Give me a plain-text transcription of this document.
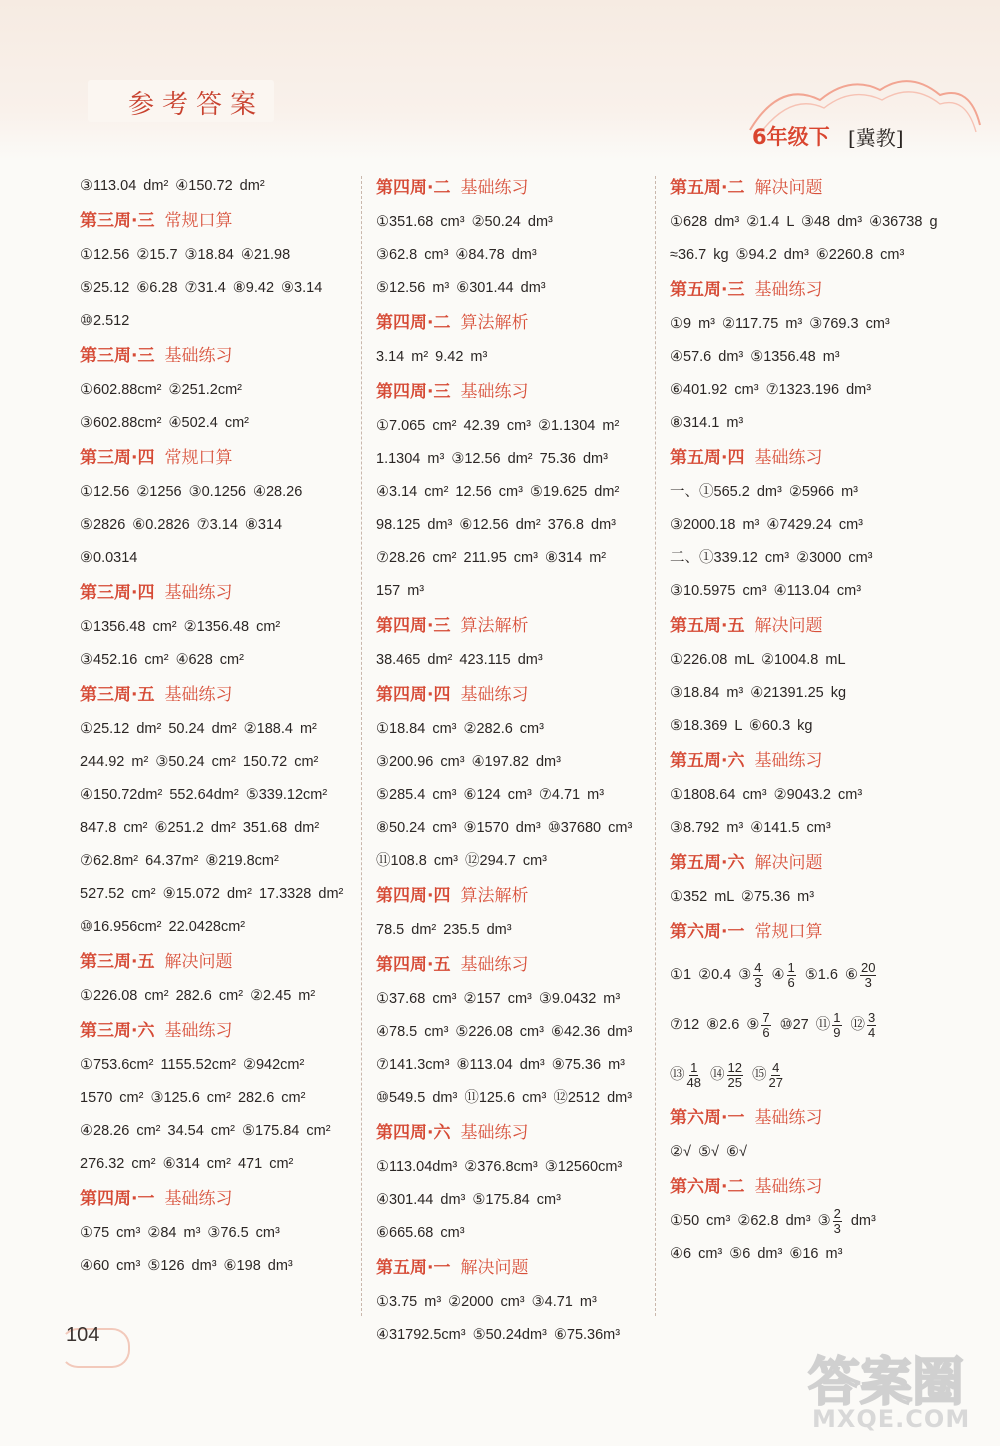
参考答案
6年级下 [冀教]
③113.04 dm² ④150.72 dm²
第三周·三 常规口算
①12.56 ②15.7 ③18.84 ④21.98
⑤25.12 ⑥6.28 ⑦31.4 ⑧9.42 ⑨3.14
⑩2.512
第三周·三 基础练习
①602.88cm² ②251.2cm²
③602.88cm² ④502.4 cm²
第三周·四 常规口算
①12.56 ②1256 ③0.1256 ④28.26
⑤2826 ⑥0.2826 ⑦3.14 ⑧314
⑨0.0314
第三周·四 基础练习
①1356.48 cm² ②1356.48 cm²
③452.16 cm² ④628 cm²
第三周·五 基础练习
①25.12 dm² 50.24 dm² ②188.4 m²
244.92 m² ③50.24 cm² 150.72 cm²
④150.72dm² 552.64dm² ⑤339.12cm²
847.8 cm² ⑥251.2 dm² 351.68 dm²
⑦62.8m² 64.37m² ⑧219.8cm²
527.52 cm² ⑨15.072 dm² 17.3328 dm²
⑩16.956cm² 22.0428cm²
第三周·五 解决问题
①226.08 cm² 282.6 cm² ②2.45 m²
第三周·六 基础练习
①753.6cm² 1155.52cm² ②942cm²
1570 cm² ③125.6 cm² 282.6 cm²
④28.26 cm² 34.54 cm² ⑤175.84 cm²
276.32 cm² ⑥314 cm² 471 cm²
第四周·一 基础练习
①75 cm³ ②84 m³ ③76.5 cm³
④60 cm³ ⑤126 dm³ ⑥198 dm³
第四周·二 基础练习
①351.68 cm³ ②50.24 dm³
③62.8 cm³ ④84.78 dm³
⑤12.56 m³ ⑥301.44 dm³
第四周·二 算法解析
3.14 m² 9.42 m³
第四周·三 基础练习
①7.065 cm² 42.39 cm³ ②1.1304 m²
1.1304 m³ ③12.56 dm² 75.36 dm³
④3.14 cm² 12.56 cm³ ⑤19.625 dm²
98.125 dm³ ⑥12.56 dm² 376.8 dm³
⑦28.26 cm² 211.95 cm³ ⑧314 m²
157 m³
第四周·三 算法解析
38.465 dm² 423.115 dm³
第四周·四 基础练习
①18.84 cm³ ②282.6 cm³
③200.96 cm³ ④197.82 dm³
⑤285.4 cm³ ⑥124 cm³ ⑦4.71 m³
⑧50.24 cm³ ⑨1570 dm³ ⑩37680 cm³
⑪108.8 cm³ ⑫294.7 cm³
第四周·四 算法解析
78.5 dm² 235.5 dm³
第四周·五 基础练习
①37.68 cm³ ②157 cm³ ③9.0432 m³
④78.5 cm³ ⑤226.08 cm³ ⑥42.36 dm³
⑦141.3cm³ ⑧113.04 dm³ ⑨75.36 m³
⑩549.5 dm³ ⑪125.6 cm³ ⑫2512 dm³
第四周·六 基础练习
①113.04dm³ ②376.8cm³ ③12560cm³
④301.44 dm³ ⑤175.84 cm³
⑥665.68 cm³
第五周·一 解决问题
①3.75 m³ ②2000 cm³ ③4.71 m³
④31792.5cm³ ⑤50.24dm³ ⑥75.36m³
第五周·二 解决问题
①628 dm³ ②1.4 L ③48 dm³ ④36738 g
≈36.7 kg ⑤94.2 dm³ ⑥2260.8 cm³
第五周·三 基础练习
①9 m³ ②117.75 m³ ③769.3 cm³
④57.6 dm³ ⑤1356.48 m³
⑥401.92 cm³ ⑦1323.196 dm³
⑧314.1 m³
第五周·四 基础练习
一、①565.2 dm³ ②5966 m³
③2000.18 m³ ④7429.24 cm³
二、①339.12 cm³ ②3000 cm³
③10.5975 cm³ ④113.04 cm³
第五周·五 解决问题
①226.08 mL ②1004.8 mL
③18.84 m³ ④21391.25 kg
⑤18.369 L ⑥60.3 kg
第五周·六 基础练习
①1808.64 cm³ ②9043.2 cm³
③8.792 m³ ④141.5 cm³
第五周·六 解决问题
①352 mL ②75.36 m³
第六周·一 常规口算
①1 ②0.4 ③ $\frac{4}{3}$ ④ $\frac{1}{6}$ ⑤1.6 ⑥ $\frac{20}{3}$
⑦12 ⑧2.6 ⑨ $\frac{7}{6}$ ⑩27 ⑪ $\frac{1}{9}$ ⑫ $\frac{3}{4}$
⑬ $\frac{1}{48}$ ⑭ $\frac{12}{25}$ ⑮ $\frac{4}{27}$
第六周·一 基础练习
②√ ⑤√ ⑥√
第六周·二 基础练习
①50 cm³ ②62.8 dm³ ③ $\frac{2}{3} dm^3$
④6 cm³ ⑤6 dm³ ⑥16 m³
104
答案圈
MXQE.COM
